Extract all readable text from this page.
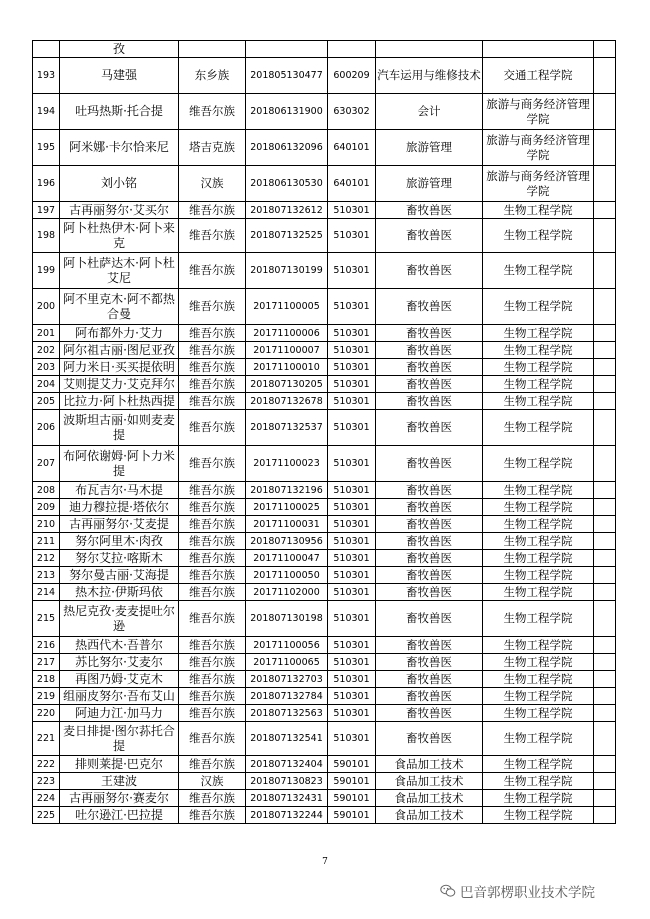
	孜						
193	马建强	东乡族	201805130477	600209	汽车运用与维修技术	交通工程学院	
194	吐玛热斯·托合提	维吾尔族	201806131900	630302	会计	旅游与商务经济管理学院	
195	阿米娜·卡尔恰来尼	塔吉克族	201806132096	640101	旅游管理	旅游与商务经济管理学院	
196	刘小铭	汉族	201806130530	640101	旅游管理	旅游与商务经济管理学院	
197	古再丽努尔·艾买尔	维吾尔族	201807132612	510301	畜牧兽医	生物工程学院	
198	阿卜杜热伊木·阿卜来克	维吾尔族	201807132525	510301	畜牧兽医	生物工程学院	
199	阿卜杜萨达木·阿卜杜艾尼	维吾尔族	201807130199	510301	畜牧兽医	生物工程学院	
200	阿不里克木·阿不都热合曼	维吾尔族	20171100005	510301	畜牧兽医	生物工程学院	
201	阿布都外力·艾力	维吾尔族	20171100006	510301	畜牧兽医	生物工程学院	
202	阿尔祖古丽·图尼亚孜	维吾尔族	20171100007	510301	畜牧兽医	生物工程学院	
203	阿力米日·买买提依明	维吾尔族	20171100010	510301	畜牧兽医	生物工程学院	
204	艾则提艾力·艾克拜尔	维吾尔族	201807130205	510301	畜牧兽医	生物工程学院	
205	比拉力·阿卜杜热西提	维吾尔族	201807132678	510301	畜牧兽医	生物工程学院	
206	波斯坦古丽·如则麦麦提	维吾尔族	201807132537	510301	畜牧兽医	生物工程学院	
207	布阿依谢姆·阿卜力米提	维吾尔族	20171100023	510301	畜牧兽医	生物工程学院	
208	布瓦吉尔·马木提	维吾尔族	201807132196	510301	畜牧兽医	生物工程学院	
209	迪力穆拉提·塔依尔	维吾尔族	20171100025	510301	畜牧兽医	生物工程学院	
210	古再丽努尔·艾麦提	维吾尔族	20171100031	510301	畜牧兽医	生物工程学院	
211	努尔阿里木·肉孜	维吾尔族	201807130956	510301	畜牧兽医	生物工程学院	
212	努尔艾拉·喀斯木	维吾尔族	20171100047	510301	畜牧兽医	生物工程学院	
213	努尔曼古丽·艾海提	维吾尔族	20171100050	510301	畜牧兽医	生物工程学院	
214	热木拉·伊斯玛依	维吾尔族	20171102000	510301	畜牧兽医	生物工程学院	
215	热尼克孜·麦麦提吐尔逊	维吾尔族	201807130198	510301	畜牧兽医	生物工程学院	
216	热西代木·吾普尔	维吾尔族	20171100056	510301	畜牧兽医	生物工程学院	
217	苏比努尔·艾麦尔	维吾尔族	20171100065	510301	畜牧兽医	生物工程学院	
218	再图乃姆·艾克木	维吾尔族	201807132703	510301	畜牧兽医	生物工程学院	
219	组丽皮努尔·吾布艾山	维吾尔族	201807132784	510301	畜牧兽医	生物工程学院	
220	阿迪力江·加马力	维吾尔族	201807132563	510301	畜牧兽医	生物工程学院	
221	麦日排提·图尔荪托合提	维吾尔族	201807132541	510301	畜牧兽医	生物工程学院	
222	排则莱提·巴克尔	维吾尔族	201807132404	590101	食品加工技术	生物工程学院	
223	王建波	汉族	201807130823	590101	食品加工技术	生物工程学院	
224	古再丽努尔·赛麦尔	维吾尔族	201807132431	590101	食品加工技术	生物工程学院	
225	吐尔逊江·巴拉提	维吾尔族	201807132244	590101	食品加工技术	生物工程学院	
7
巴音郭楞职业技术学院
